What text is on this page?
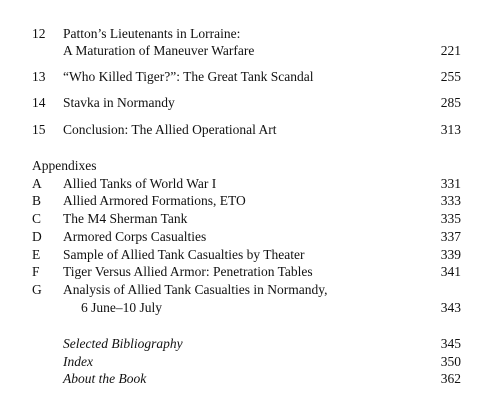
12 Patton’s Lieutenants in Lorraine:
A Maturation of Maneuver Warfare	221
13 “Who Killed Tiger?”: The Great Tank Scandal	255
14 Stavka in Normandy	285
15 Conclusion: The Allied Operational Art	313
Appendixes
A Allied Tanks of World War I	331
B Allied Armored Formations, ETO	333
C The M4 Sherman Tank	335
D Armored Corps Casualties	337
E Sample of Allied Tank Casualties by Theater	339
F Tiger Versus Allied Armor: Penetration Tables	341
G Analysis of Allied Tank Casualties in Normandy,
6 June–10 July	343
Selected Bibliography	345
Index	350
About the Book	362
